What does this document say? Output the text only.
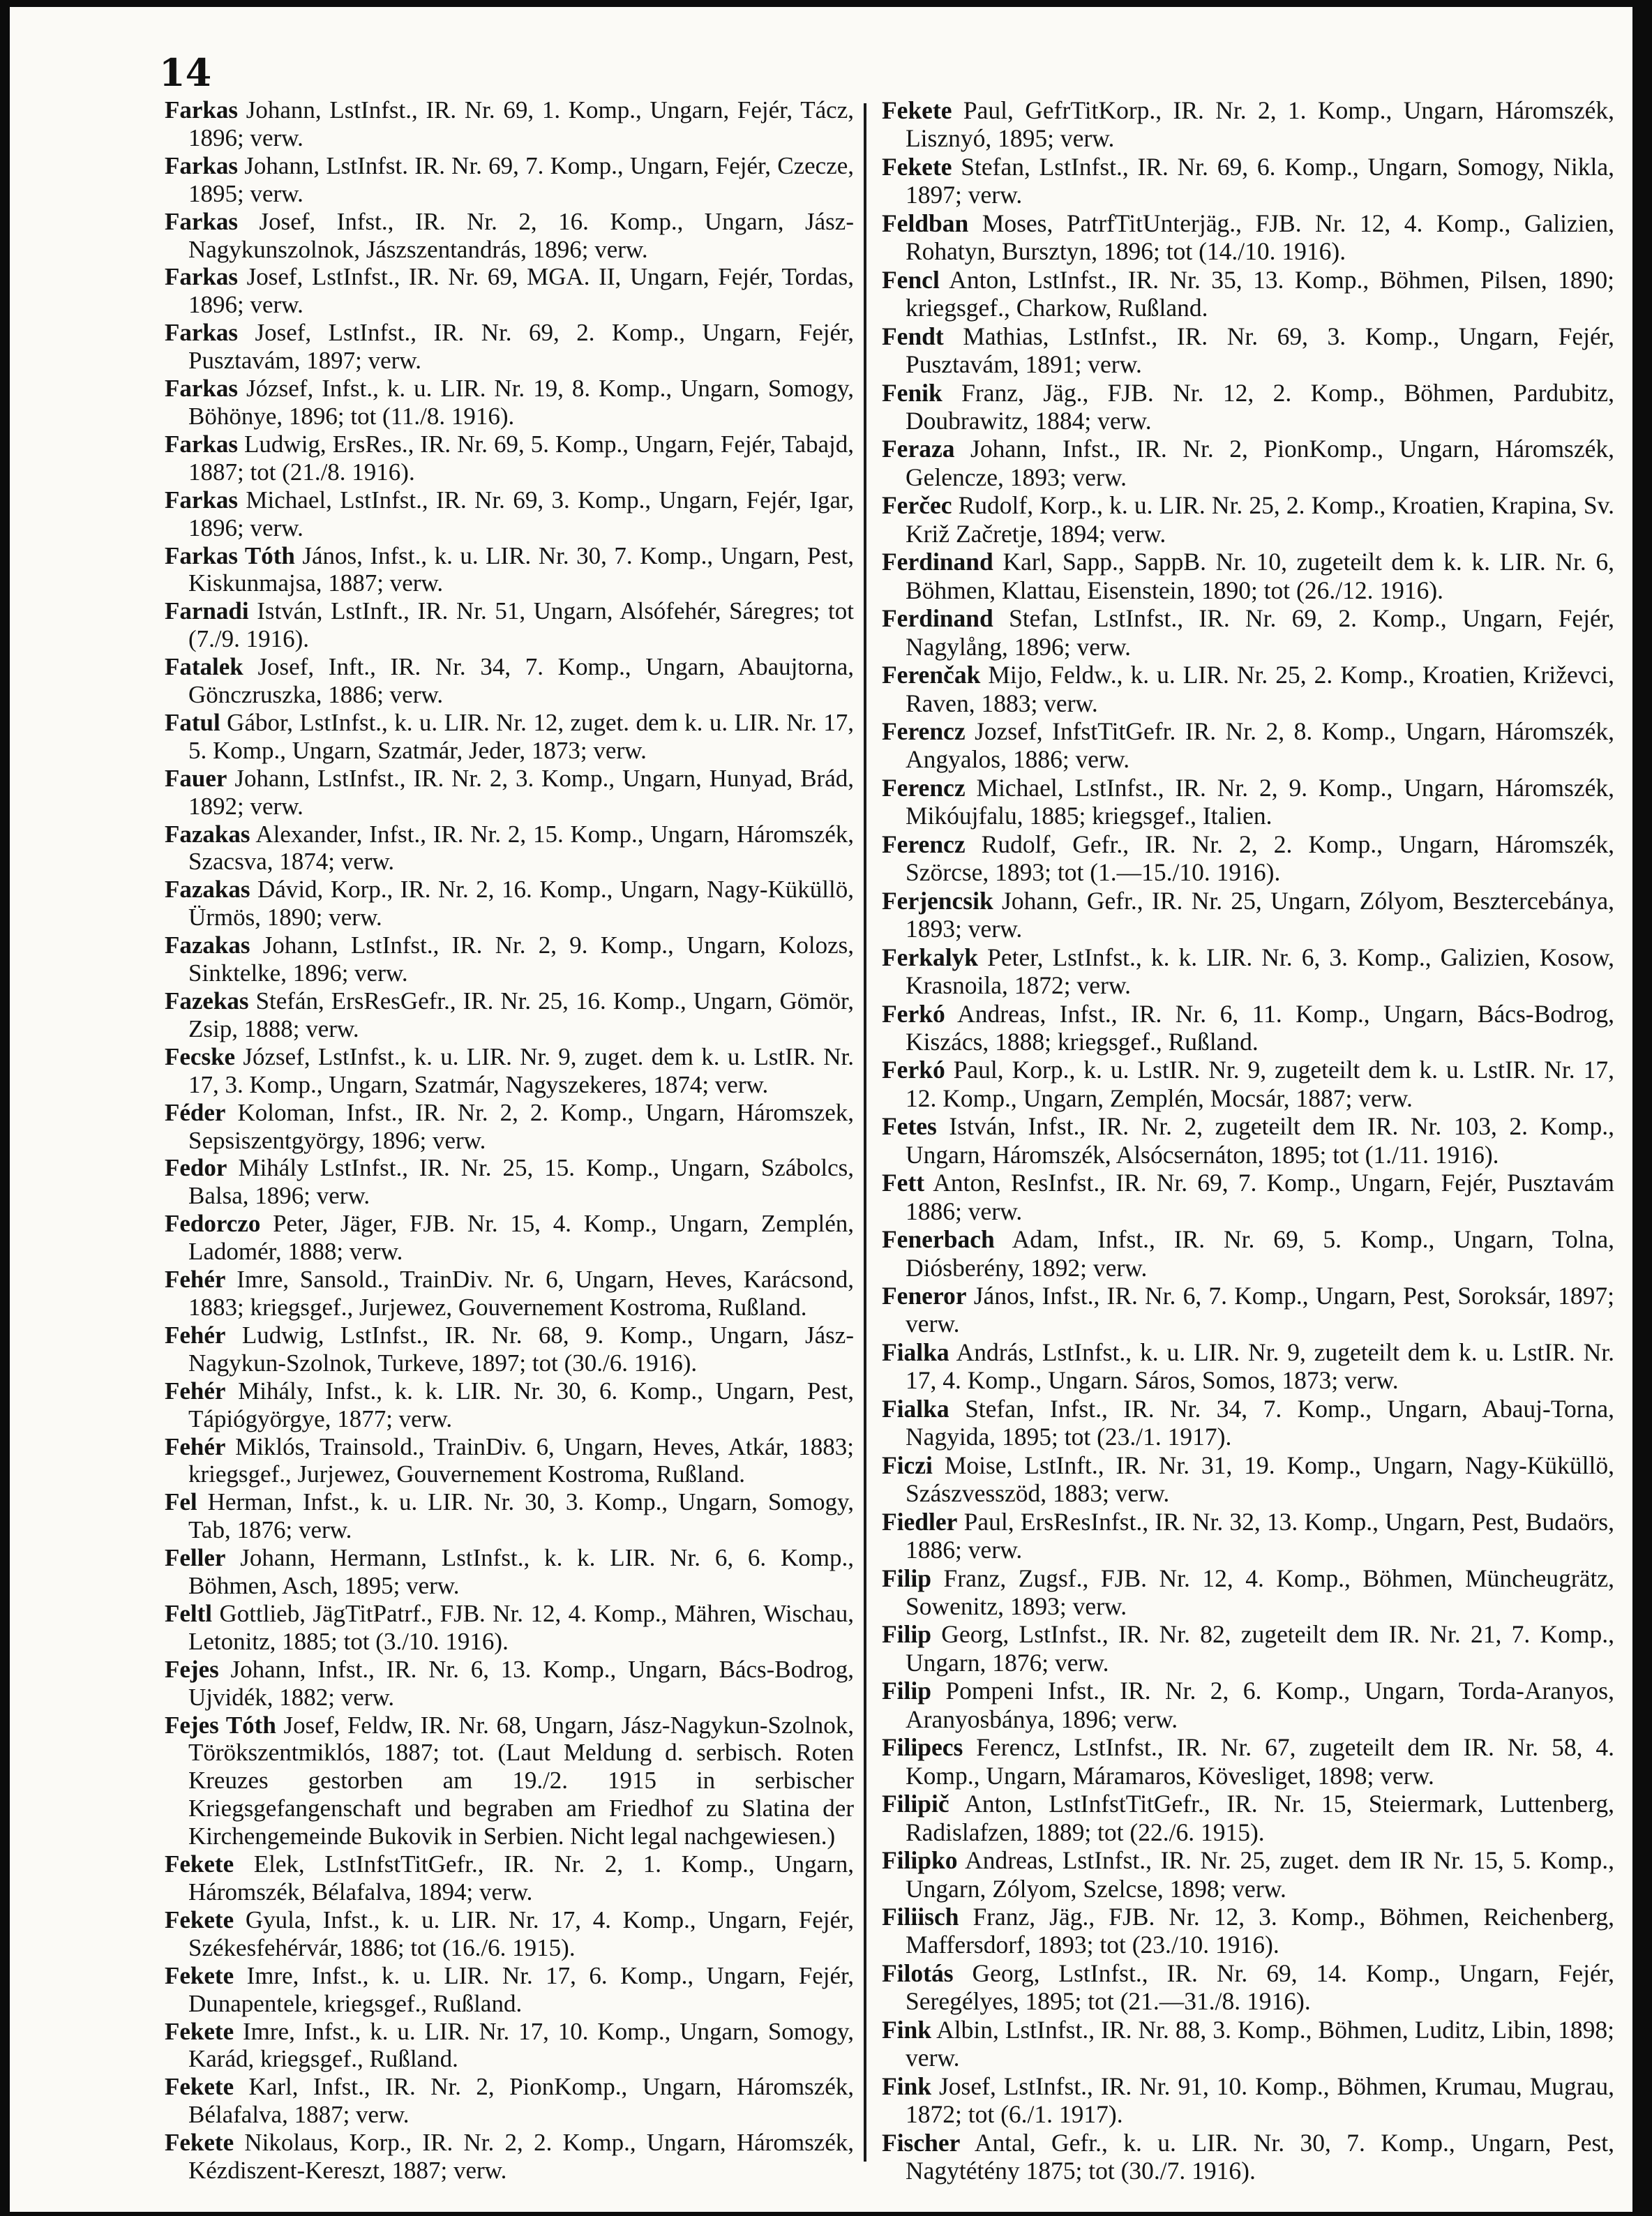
14

Farkas Johann, LstInfst., IR. Nr. 69, 1. Komp., Ungarn, Fejér, Tácz, 1896; verw.

Farkas Johann, LstInfst. IR. Nr. 69, 7. Komp., Ungarn, Fejér, Czecze, 1895; verw.

Farkas Josef, Infst., IR. Nr. 2, 16. Komp., Ungarn, Jász-Nagykunszolnok, Jászszentandrás, 1896; verw.

Farkas Josef, LstInfst., IR. Nr. 69, MGA. II, Ungarn, Fejér, Tordas, 1896; verw.

Farkas Josef, LstInfst., IR. Nr. 69, 2. Komp., Ungarn, Fejér, Pusztavám, 1897; verw.

Farkas József, Infst., k. u. LIR. Nr. 19, 8. Komp., Ungarn, Somogy, Böhönye, 1896; tot (11./8. 1916).

Farkas Ludwig, ErsRes., IR. Nr. 69, 5. Komp., Ungarn, Fejér, Tabajd, 1887; tot (21./8. 1916).

Farkas Michael, LstInfst., IR. Nr. 69, 3. Komp., Ungarn, Fejér, Igar, 1896; verw.

Farkas Tóth János, Infst., k. u. LIR. Nr. 30, 7. Komp., Ungarn, Pest, Kiskunmajsa, 1887; verw.

Farnadi István, LstInft., IR. Nr. 51, Ungarn, Alsófehér, Sáregres; tot (7./9. 1916).

Fatalek Josef, Inft., IR. Nr. 34, 7. Komp., Ungarn, Abaujtorna, Gönczruszka, 1886; verw.

Fatul Gábor, LstInfst., k. u. LIR. Nr. 12, zuget. dem k. u. LIR. Nr. 17, 5. Komp., Ungarn, Szatmár, Jeder, 1873; verw.

Fauer Johann, LstInfst., IR. Nr. 2, 3. Komp., Ungarn, Hunyad, Brád, 1892; verw.

Fazakas Alexander, Infst., IR. Nr. 2, 15. Komp., Ungarn, Háromszék, Szacsva, 1874; verw.

Fazakas Dávid, Korp., IR. Nr. 2, 16. Komp., Ungarn, Nagy-Küküllö, Ürmös, 1890; verw.

Fazakas Johann, LstInfst., IR. Nr. 2, 9. Komp., Ungarn, Kolozs, Sinktelke, 1896; verw.

Fazekas Stefán, ErsResGefr., IR. Nr. 25, 16. Komp., Ungarn, Gömör, Zsip, 1888; verw.

Fecske József, LstInfst., k. u. LIR. Nr. 9, zuget. dem k. u. LstIR. Nr. 17, 3. Komp., Ungarn, Szatmár, Nagyszekeres, 1874; verw.

Féder Koloman, Infst., IR. Nr. 2, 2. Komp., Ungarn, Háromszek, Sepsiszentgyörgy, 1896; verw.

Fedor Mihály LstInfst., IR. Nr. 25, 15. Komp., Ungarn, Szábolcs, Balsa, 1896; verw.

Fedorczo Peter, Jäger, FJB. Nr. 15, 4. Komp., Ungarn, Zemplén, Ladomér, 1888; verw.

Fehér Imre, Sansold., TrainDiv. Nr. 6, Ungarn, Heves, Karácsond, 1883; kriegsgef., Jurjewez, Gouvernement Kostroma, Rußland.

Fehér Ludwig, LstInfst., IR. Nr. 68, 9. Komp., Ungarn, Jász-Nagykun-Szolnok, Turkeve, 1897; tot (30./6. 1916).

Fehér Mihály, Infst., k. k. LIR. Nr. 30, 6. Komp., Ungarn, Pest, Tápiógyörgye, 1877; verw.

Fehér Miklós, Trainsold., TrainDiv. 6, Ungarn, Heves, Atkár, 1883; kriegsgef., Jurjewez, Gouvernement Kostroma, Rußland.

Fel Herman, Infst., k. u. LIR. Nr. 30, 3. Komp., Ungarn, Somogy, Tab, 1876; verw.

Feller Johann, Hermann, LstInfst., k. k. LIR. Nr. 6, 6. Komp., Böhmen, Asch, 1895; verw.

Feltl Gottlieb, JägTitPatrf., FJB. Nr. 12, 4. Komp., Mähren, Wischau, Letonitz, 1885; tot (3./10. 1916).

Fejes Johann, Infst., IR. Nr. 6, 13. Komp., Ungarn, Bács-Bodrog, Ujvidék, 1882; verw.

Fejes Tóth Josef, Feldw, IR. Nr. 68, Ungarn, Jász-Nagykun-Szolnok, Törökszentmiklós, 1887; tot. (Laut Meldung d. serbisch. Roten Kreuzes gestorben am 19./2. 1915 in serbischer Kriegsgefangenschaft und begraben am Friedhof zu Slatina der Kirchengemeinde Bukovik in Serbien. Nicht legal nachgewiesen.)

Fekete Elek, LstInfstTitGefr., IR. Nr. 2, 1. Komp., Ungarn, Háromszék, Bélafalva, 1894; verw.

Fekete Gyula, Infst., k. u. LIR. Nr. 17, 4. Komp., Ungarn, Fejér, Székesfehérvár, 1886; tot (16./6. 1915).

Fekete Imre, Infst., k. u. LIR. Nr. 17, 6. Komp., Ungarn, Fejér, Dunapentele, kriegsgef., Rußland.

Fekete Imre, Infst., k. u. LIR. Nr. 17, 10. Komp., Ungarn, Somogy, Karád, kriegsgef., Rußland.

Fekete Karl, Infst., IR. Nr. 2, PionKomp., Ungarn, Háromszék, Bélafalva, 1887; verw.

Fekete Nikolaus, Korp., IR. Nr. 2, 2. Komp., Ungarn, Háromszék, Kézdiszent-Kereszt, 1887; verw.

Fekete Paul, GefrTitKorp., IR. Nr. 2, 1. Komp., Ungarn, Háromszék, Lisznyó, 1895; verw.

Fekete Stefan, LstInfst., IR. Nr. 69, 6. Komp., Ungarn, Somogy, Nikla, 1897; verw.

Feldban Moses, PatrfTitUnterjäg., FJB. Nr. 12, 4. Komp., Galizien, Rohatyn, Bursztyn, 1896; tot (14./10. 1916).

Fencl Anton, LstInfst., IR. Nr. 35, 13. Komp., Böhmen, Pilsen, 1890; kriegsgef., Charkow, Rußland.

Fendt Mathias, LstInfst., IR. Nr. 69, 3. Komp., Ungarn, Fejér, Pusztavám, 1891; verw.

Fenik Franz, Jäg., FJB. Nr. 12, 2. Komp., Böhmen, Pardubitz, Doubrawitz, 1884; verw.

Feraza Johann, Infst., IR. Nr. 2, PionKomp., Ungarn, Háromszék, Gelencze, 1893; verw.

Ferčec Rudolf, Korp., k. u. LIR. Nr. 25, 2. Komp., Kroatien, Krapina, Sv. Križ Začretje, 1894; verw.

Ferdinand Karl, Sapp., SappB. Nr. 10, zugeteilt dem k. k. LIR. Nr. 6, Böhmen, Klattau, Eisenstein, 1890; tot (26./12. 1916).

Ferdinand Stefan, LstInfst., IR. Nr. 69, 2. Komp., Ungarn, Fejér, Nagylång, 1896; verw.

Ferenčak Mijo, Feldw., k. u. LIR. Nr. 25, 2. Komp., Kroatien, Križevci, Raven, 1883; verw.

Ferencz Jozsef, InfstTitGefr. IR. Nr. 2, 8. Komp., Ungarn, Háromszék, Angyalos, 1886; verw.

Ferencz Michael, LstInfst., IR. Nr. 2, 9. Komp., Ungarn, Háromszék, Mikóujfalu, 1885; kriegsgef., Italien.

Ferencz Rudolf, Gefr., IR. Nr. 2, 2. Komp., Ungarn, Háromszék, Szörcse, 1893; tot (1.—15./10. 1916).

Ferjencsik Johann, Gefr., IR. Nr. 25, Ungarn, Zólyom, Besztercebánya, 1893; verw.

Ferkalyk Peter, LstInfst., k. k. LIR. Nr. 6, 3. Komp., Galizien, Kosow, Krasnoila, 1872; verw.

Ferkó Andreas, Infst., IR. Nr. 6, 11. Komp., Ungarn, Bács-Bodrog, Kiszács, 1888; kriegsgef., Rußland.

Ferkó Paul, Korp., k. u. LstIR. Nr. 9, zugeteilt dem k. u. LstIR. Nr. 17, 12. Komp., Ungarn, Zemplén, Mocsár, 1887; verw.

Fetes István, Infst., IR. Nr. 2, zugeteilt dem IR. Nr. 103, 2. Komp., Ungarn, Háromszék, Alsócsernáton, 1895; tot (1./11. 1916).

Fett Anton, ResInfst., IR. Nr. 69, 7. Komp., Ungarn, Fejér, Pusztavám 1886; verw.

Fenerbach Adam, Infst., IR. Nr. 69, 5. Komp., Ungarn, Tolna, Diósberény, 1892; verw.

Feneror János, Infst., IR. Nr. 6, 7. Komp., Ungarn, Pest, Soroksár, 1897; verw.

Fialka András, LstInfst., k. u. LIR. Nr. 9, zugeteilt dem k. u. LstIR. Nr. 17, 4. Komp., Ungarn. Sáros, Somos, 1873; verw.

Fialka Stefan, Infst., IR. Nr. 34, 7. Komp., Ungarn, Abauj-Torna, Nagyida, 1895; tot (23./1. 1917).

Ficzi Moise, LstInft., IR. Nr. 31, 19. Komp., Ungarn, Nagy-Küküllö, Szászvesszöd, 1883; verw.

Fiedler Paul, ErsResInfst., IR. Nr. 32, 13. Komp., Ungarn, Pest, Budaörs, 1886; verw.

Filip Franz, Zugsf., FJB. Nr. 12, 4. Komp., Böhmen, Müncheugrätz, Sowenitz, 1893; verw.

Filip Georg, LstInfst., IR. Nr. 82, zugeteilt dem IR. Nr. 21, 7. Komp., Ungarn, 1876; verw.

Filip Pompeni Infst., IR. Nr. 2, 6. Komp., Ungarn, Torda-Aranyos, Aranyosbánya, 1896; verw.

Filipecs Ferencz, LstInfst., IR. Nr. 67, zugeteilt dem IR. Nr. 58, 4. Komp., Ungarn, Máramaros, Kövesliget, 1898; verw.

Filipič Anton, LstInfstTitGefr., IR. Nr. 15, Steiermark, Luttenberg, Radislafzen, 1889; tot (22./6. 1915).

Filipko Andreas, LstInfst., IR. Nr. 25, zuget. dem IR Nr. 15, 5. Komp., Ungarn, Zólyom, Szelcse, 1898; verw.

Filiisch Franz, Jäg., FJB. Nr. 12, 3. Komp., Böhmen, Reichenberg, Maffersdorf, 1893; tot (23./10. 1916).

Filotás Georg, LstInfst., IR. Nr. 69, 14. Komp., Ungarn, Fejér, Seregélyes, 1895; tot (21.—31./8. 1916).

Fink Albin, LstInfst., IR. Nr. 88, 3. Komp., Böhmen, Luditz, Libin, 1898; verw.

Fink Josef, LstInfst., IR. Nr. 91, 10. Komp., Böhmen, Krumau, Mugrau, 1872; tot (6./1. 1917).

Fischer Antal, Gefr., k. u. LIR. Nr. 30, 7. Komp., Ungarn, Pest, Nagytétény 1875; tot (30./7. 1916).
